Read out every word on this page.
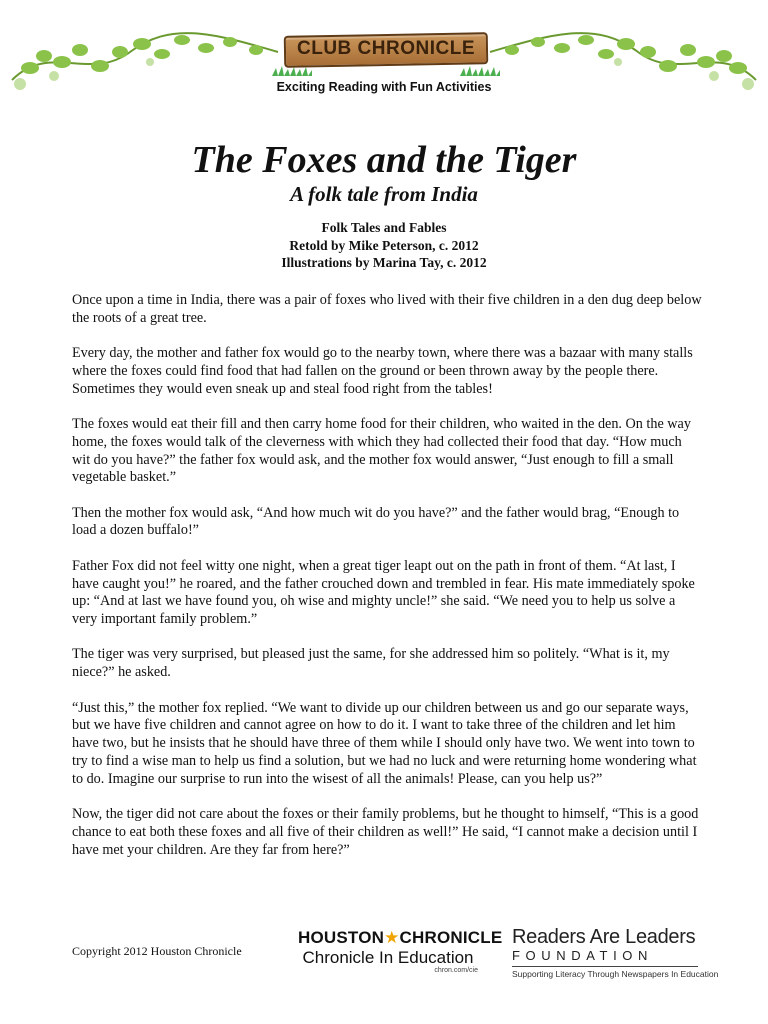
CLUB CHRONICLE
Exciting Reading with Fun Activities
The Foxes and the Tiger
A folk tale from India
Folk Tales and Fables
Retold by Mike Peterson, c. 2012
Illustrations by Marina Tay, c. 2012

Once upon a time in India, there was a pair of foxes who lived with their five children in a den dug deep below the roots of a great tree.

Every day, the mother and father fox would go to the nearby town, where there was a bazaar with many stalls where the foxes could find food that had fallen on the ground or been thrown away by the people there. Sometimes they would even sneak up and steal food right from the tables!

The foxes would eat their fill and then carry home food for their children, who waited in the den. On the way home, the foxes would talk of the cleverness with which they had collected their food that day. “How much wit do you have?” the father fox would ask, and the mother fox would answer, “Just enough to fill a small vegetable basket.”

Then the mother fox would ask, “And how much wit do you have?” and the father would brag, “Enough to load a dozen buffalo!”

Father Fox did not feel witty one night, when a great tiger leapt out on the path in front of them. “At last, I have caught you!” he roared, and the father crouched down and trembled in fear. His mate immediately spoke up: “And at last we have found you, oh wise and mighty uncle!” she said. “We need you to help us solve a very important family problem.”

The tiger was very surprised, but pleased just the same, for she addressed him so politely. “What is it, my niece?” he asked.

“Just this,” the mother fox replied. “We want to divide up our children between us and go our separate ways, but we have five children and cannot agree on how to do it. I want to take three of the children and let him have two, but he insists that he should have three of them while I should only have two. We went into town to try to find a wise man to help us find a solution, but we had no luck and were returning home wondering what to do. Imagine our surprise to run into the wisest of all the animals! Please, can you help us?”

Now, the tiger did not care about the foxes or their family problems, but he thought to himself, “This is a good chance to eat both these foxes and all five of their children as well!” He said, “I cannot make a decision until I have met your children. Are they far from here?”

Copyright 2012 Houston Chronicle
HOUSTON★CHRONICLE
Chronicle In Education
chron.com/cie
Readers Are Leaders
FOUNDATION
Supporting Literacy Through Newspapers In Education
